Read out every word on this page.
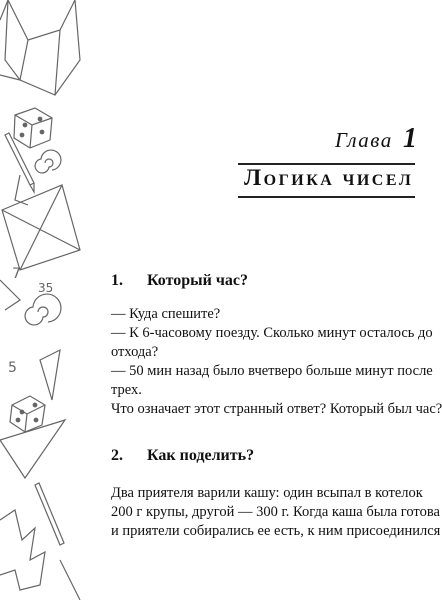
7
35
5
Глава 1
Логика чисел
1. Который час?
— Куда спешите?
— К 6-часовому поезду. Сколько минут осталось до
отхода?
— 50 мин назад было вчетверо больше минут после
трех.
Что означает этот странный ответ? Который был час?
2. Как поделить?
Два приятеля варили кашу: один всыпал в котелок
200 г крупы, другой — 300 г. Когда каша была готова
и приятели собирались ее есть, к ним присоединился
